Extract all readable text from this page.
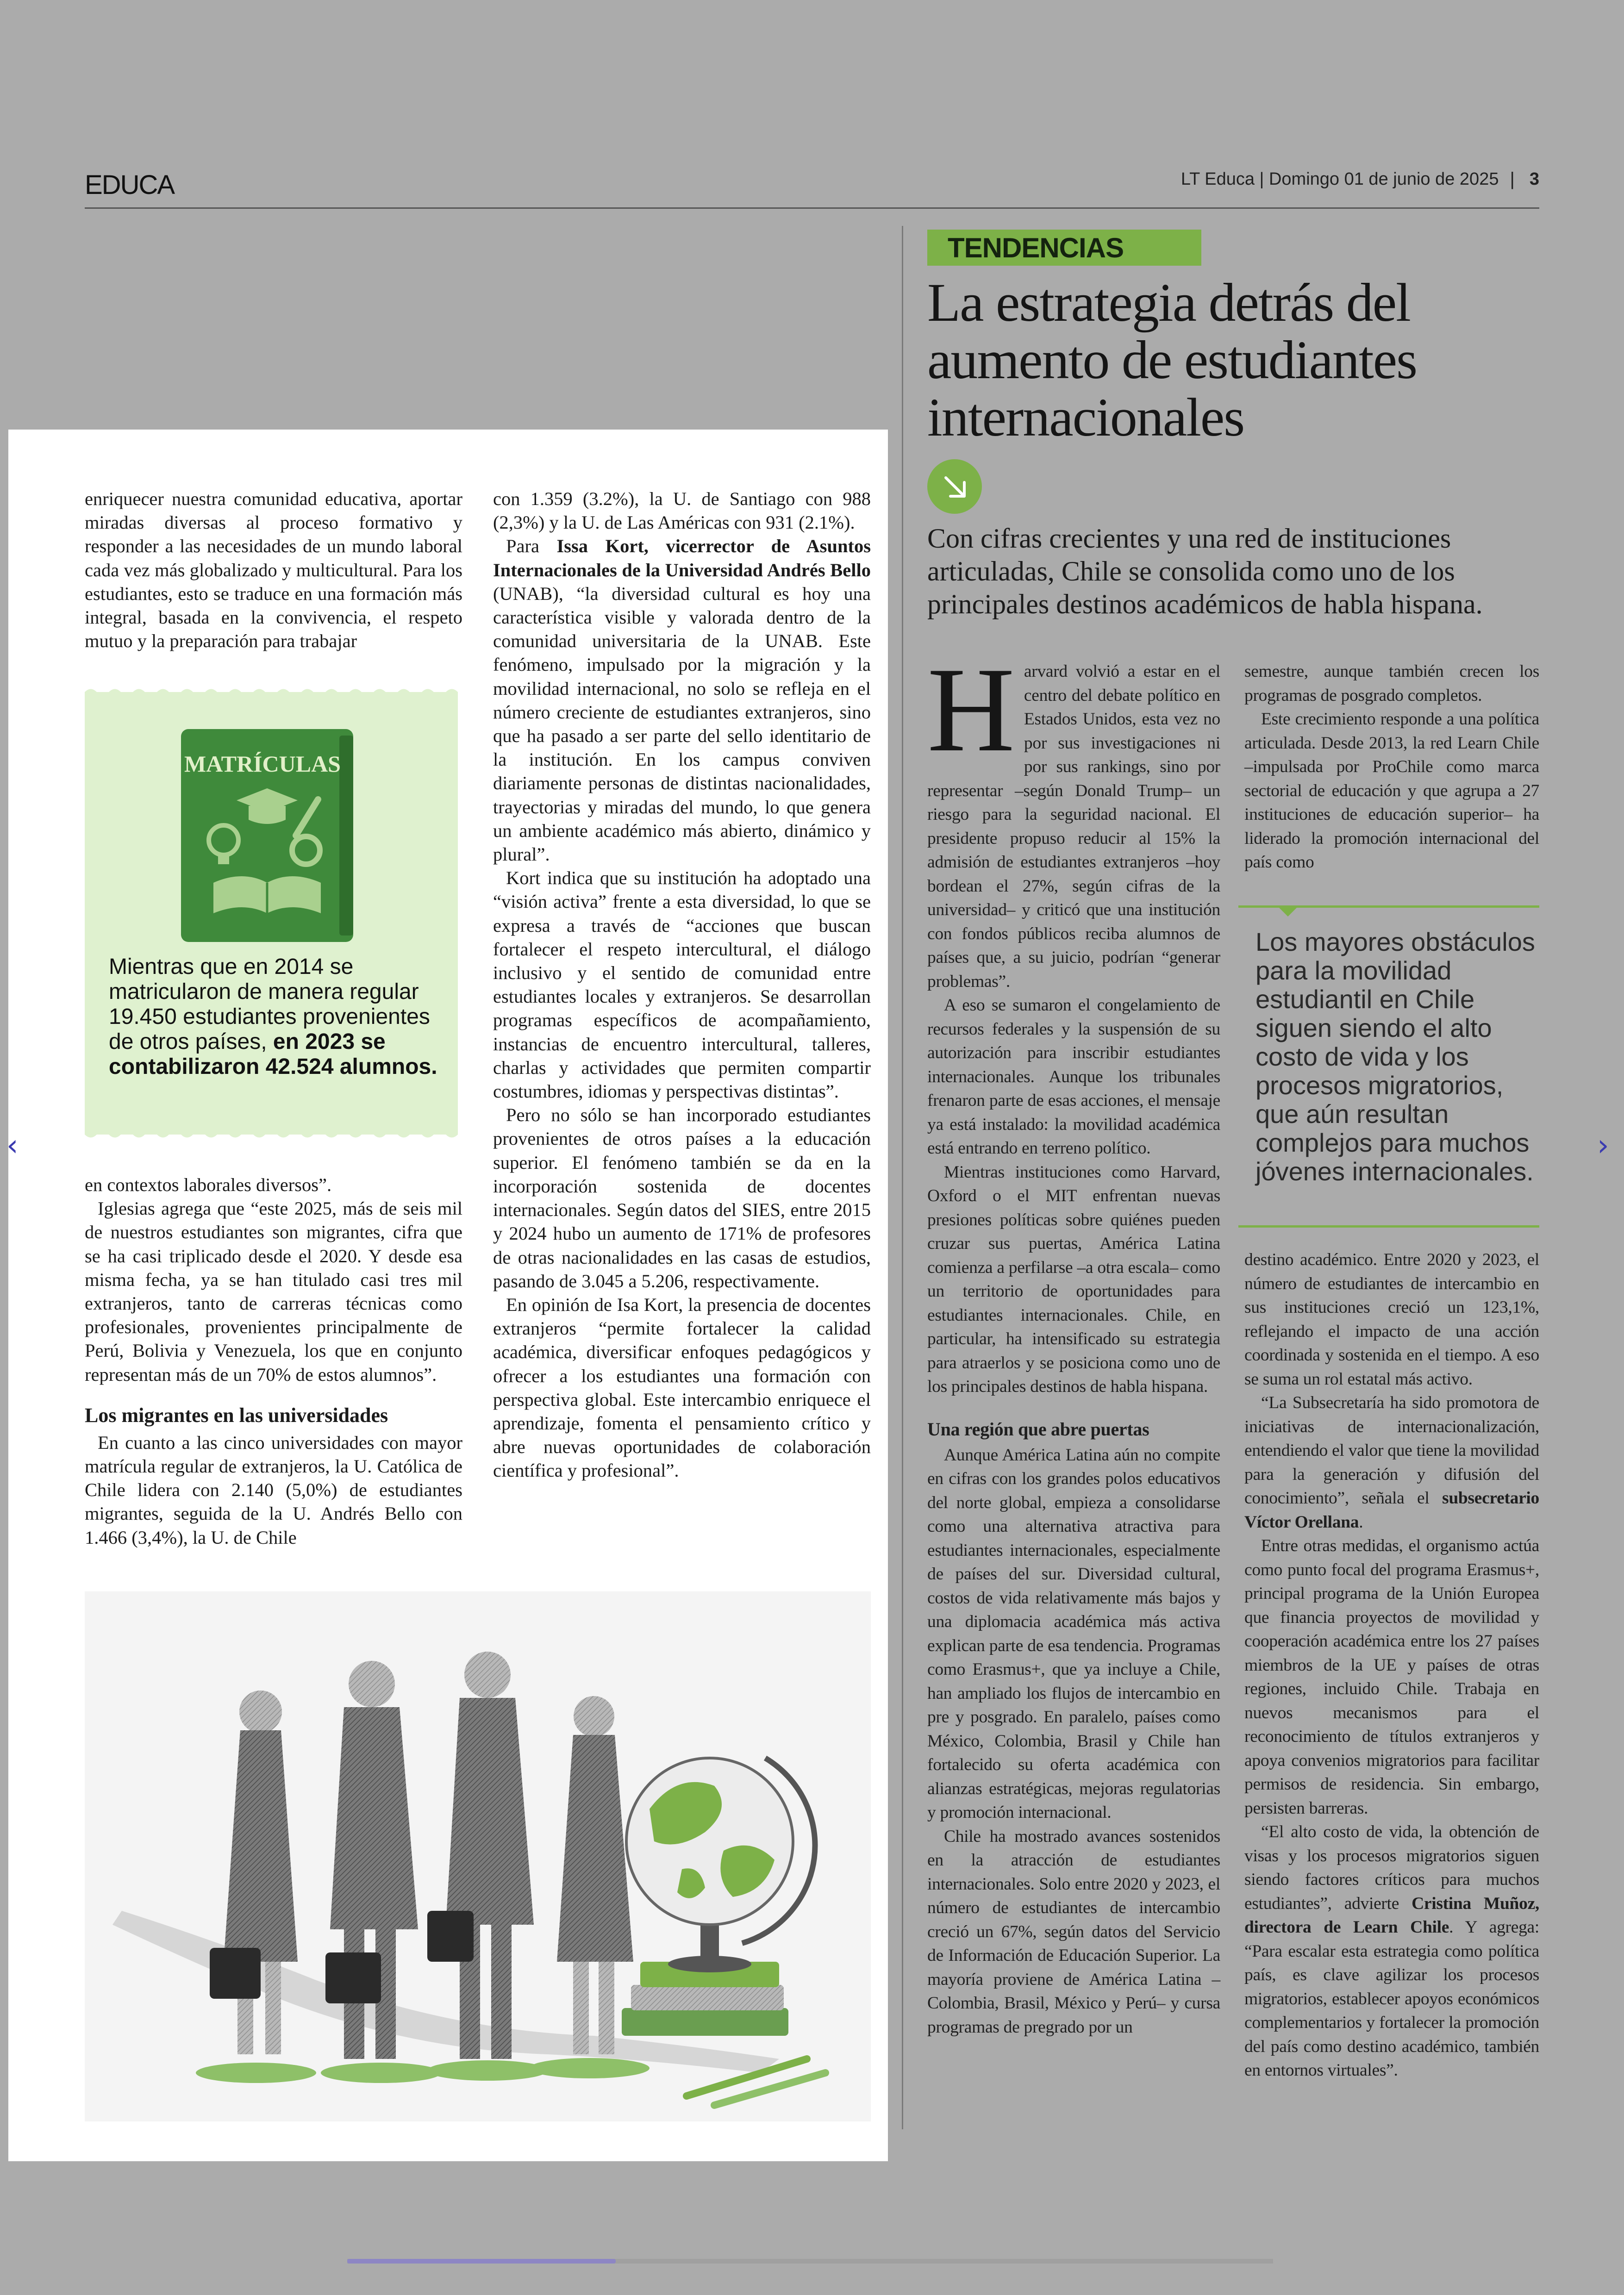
EDUCA	LT Educa | Domingo 01 de junio de 2025 | 3
TENDENCIAS
La estrategia detrás del aumento de estudiantes internacionales

Con cifras crecientes y una red de instituciones articuladas, Chile se consolida como uno de los principales destinos académicos de habla hispana.

Harvard volvió a estar en el centro del debate político en Estados Unidos, esta vez no por sus investigaciones ni por sus rankings, sino por representar –según Donald Trump– un riesgo para la seguridad nacional. El presidente propuso reducir al 15% la admisión de estudiantes extranjeros –hoy bordean el 27%, según cifras de la universidad– y criticó que una institución con fondos públicos reciba alumnos de países que, a su juicio, podrían “generar problemas”.

A eso se sumaron el congelamiento de recursos federales y la suspensión de su autorización para inscribir estudiantes internacionales. Aunque los tribunales frenaron parte de esas acciones, el mensaje ya está instalado: la movilidad académica está entrando en terreno político.

Mientras instituciones como Harvard, Oxford o el MIT enfrentan nuevas presiones políticas sobre quiénes pueden cruzar sus puertas, América Latina comienza a perfilarse –a otra escala– como un territorio de oportunidades para estudiantes internacionales. Chile, en particular, ha intensificado su estrategia para atraerlos y se posiciona como uno de los principales destinos de habla hispana.

Una región que abre puertas

Aunque América Latina aún no compite en cifras con los grandes polos educativos del norte global, empieza a consolidarse como una alternativa atractiva para estudiantes internacionales, especialmente de países del sur. Diversidad cultural, costos de vida relativamente más bajos y una diplomacia académica más activa explican parte de esa tendencia. Programas como Erasmus+, que ya incluye a Chile, han ampliado los flujos de intercambio en pre y posgrado. En paralelo, países como México, Colombia, Brasil y Chile han fortalecido su oferta académica con alianzas estratégicas, mejoras regulatorias y promoción internacional.

Chile ha mostrado avances sostenidos en la atracción de estudiantes internacionales. Solo entre 2020 y 2023, el número de estudiantes de intercambio creció un 67%, según datos del Servicio de Información de Educación Superior. La mayoría proviene de América Latina –Colombia, Brasil, México y Perú– y cursa programas de pregrado por un

semestre, aunque también crecen los programas de posgrado completos.

Este crecimiento responde a una política articulada. Desde 2013, la red Learn Chile –impulsada por ProChile como marca sectorial de educación y que agrupa a 27 instituciones de educación superior– ha liderado la promoción internacional del país como

Los mayores obstáculos para la movilidad estudiantil en Chile siguen siendo el alto costo de vida y los procesos migratorios, que aún resultan complejos para muchos jóvenes internacionales.

destino académico. Entre 2020 y 2023, el número de estudiantes de intercambio en sus instituciones creció un 123,1%, reflejando el impacto de una acción coordinada y sostenida en el tiempo. A eso se suma un rol estatal más activo.

“La Subsecretaría ha sido promotora de iniciativas de internacionalización, entendiendo el valor que tiene la movilidad para la generación y difusión del conocimiento”, señala el subsecretario Víctor Orellana.

Entre otras medidas, el organismo actúa como punto focal del programa Erasmus+, principal programa de la Unión Europea que financia proyectos de movilidad y cooperación académica entre los 27 países miembros de la UE y países de otras regiones, incluido Chile. Trabaja en nuevos mecanismos para el reconocimiento de títulos extranjeros y apoya convenios migratorios para facilitar permisos de residencia. Sin embargo, persisten barreras.

“El alto costo de vida, la obtención de visas y los procesos migratorios siguen siendo factores críticos para muchos estudiantes”, advierte Cristina Muñoz, directora de Learn Chile. Y agrega: “Para escalar esta estrategia como política país, es clave agilizar los procesos migratorios, establecer apoyos económicos complementarios y fortalecer la promoción del país como destino académico, también en entornos virtuales”.

enriquecer nuestra comunidad educativa, aportar miradas diversas al proceso formativo y responder a las necesidades de un mundo laboral cada vez más globalizado y multicultural. Para los estudiantes, esto se traduce en una formación más integral, basada en la convivencia, el respeto mutuo y la preparación para trabajar

MATRÍCULAS

Mientras que en 2014 se matricularon de manera regular 19.450 estudiantes provenientes de otros países, en 2023 se contabilizaron 42.524 alumnos.

en contextos laborales diversos”.

Iglesias agrega que “este 2025, más de seis mil de nuestros estudiantes son migrantes, cifra que se ha casi triplicado desde el 2020. Y desde esa misma fecha, ya se han titulado casi tres mil extranjeros, tanto de carreras técnicas como profesionales, provenientes principalmente de Perú, Bolivia y Venezuela, los que en conjunto representan más de un 70% de estos alumnos”.

Los migrantes en las universidades

En cuanto a las cinco universidades con mayor matrícula regular de extranjeros, la U. Católica de Chile lidera con 2.140 (5,0%) de estudiantes migrantes, seguida de la U. Andrés Bello con 1.466 (3,4%), la U. de Chile

con 1.359 (3.2%), la U. de Santiago con 988 (2,3%) y la U. de Las Américas con 931 (2.1%).

Para Issa Kort, vicerrector de Asuntos Internacionales de la Universidad Andrés Bello (UNAB), “la diversidad cultural es hoy una característica visible y valorada dentro de la comunidad universitaria de la UNAB. Este fenómeno, impulsado por la migración y la movilidad internacional, no solo se refleja en el número creciente de estudiantes extranjeros, sino que ha pasado a ser parte del sello identitario de la institución. En los campus conviven diariamente personas de distintas nacionalidades, trayectorias y miradas del mundo, lo que genera un ambiente académico más abierto, dinámico y plural”.

Kort indica que su institución ha adoptado una “visión activa” frente a esta diversidad, lo que se expresa a través de “acciones que buscan fortalecer el respeto intercultural, el diálogo inclusivo y el sentido de comunidad entre estudiantes locales y extranjeros. Se desarrollan programas específicos de acompañamiento, instancias de encuentro intercultural, talleres, charlas y actividades que permiten compartir costumbres, idiomas y perspectivas distintas”.

Pero no sólo se han incorporado estudiantes provenientes de otros países a la educación superior. El fenómeno también se da en la incorporación sostenida de docentes internacionales. Según datos del SIES, entre 2015 y 2024 hubo un aumento de 171% de profesores de otras nacionalidades en las casas de estudios, pasando de 3.045 a 5.206, respectivamente.

En opinión de Isa Kort, la presencia de docentes extranjeros “permite fortalecer la calidad académica, diversificar enfoques pedagógicos y ofrecer a los estudiantes una formación con perspectiva global. Este intercambio enriquece el aprendizaje, fomenta el pensamiento crítico y abre nuevas oportunidades de colaboración científica y profesional”.

‹	›
